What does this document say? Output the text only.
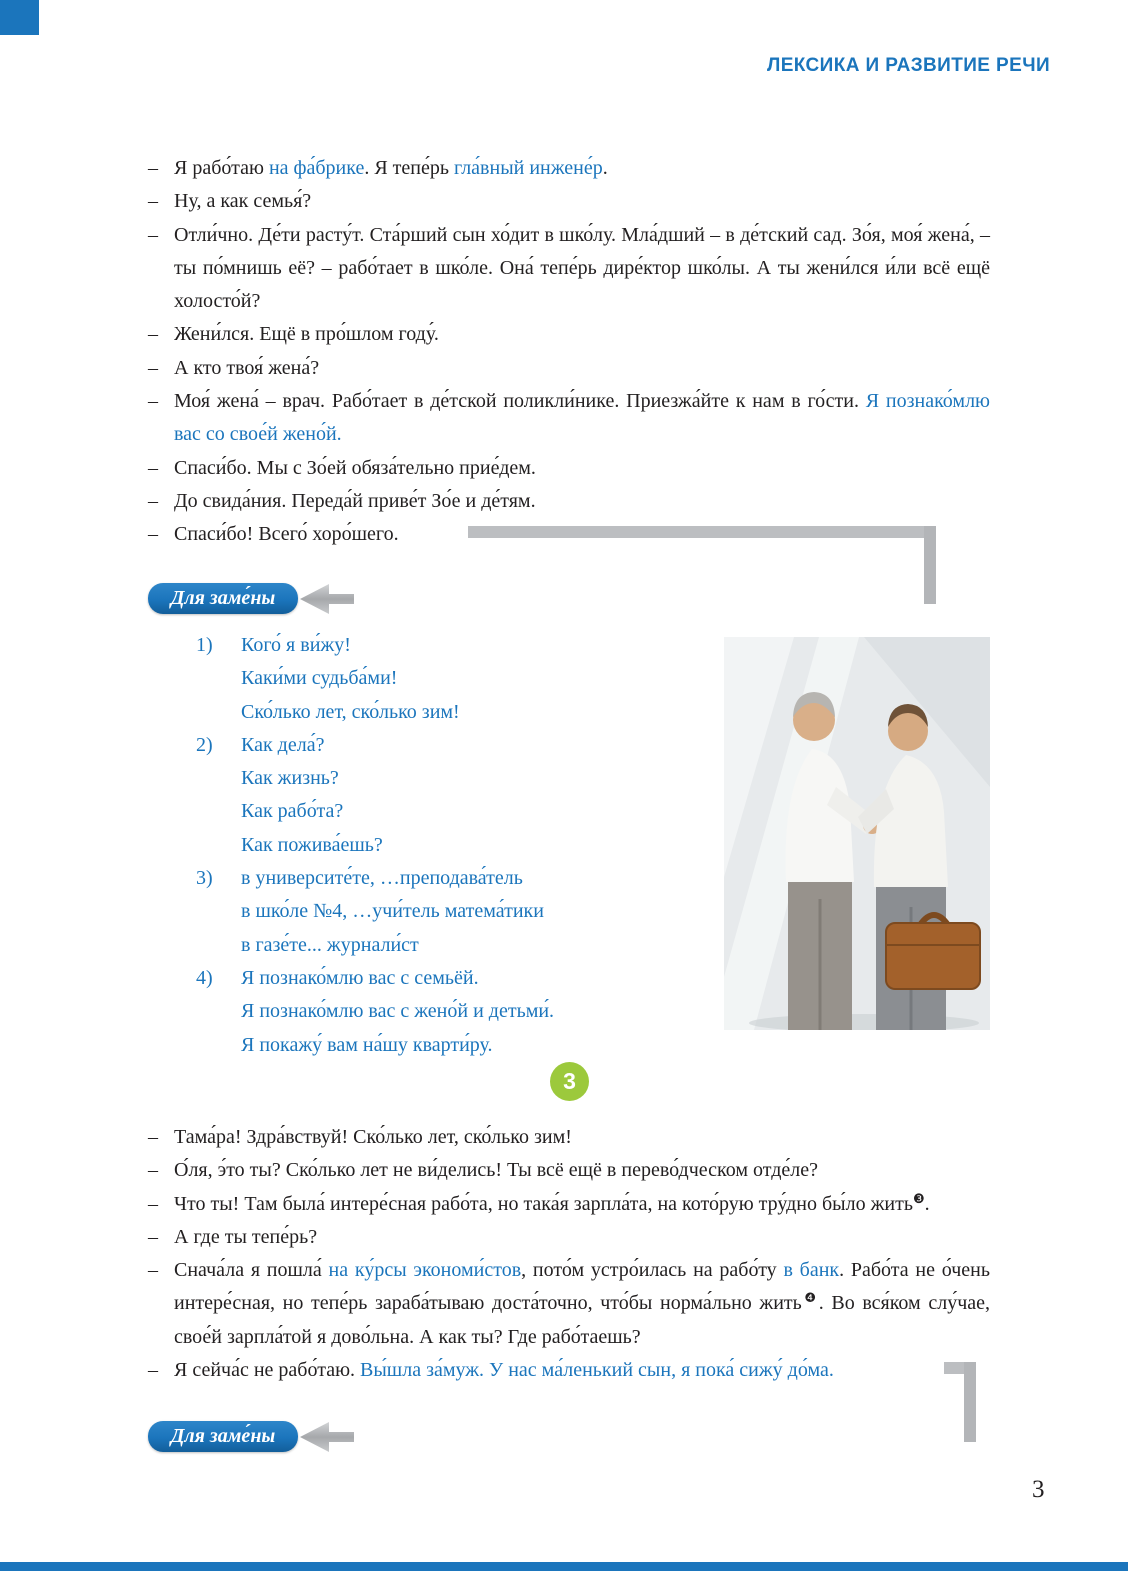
ЛЕКСИКА И РАЗВИТИЕ РЕЧИ
– Я рабо́таю на фа́брике. Я тепе́рь гла́вный инжене́р.
– Ну, а как семья́?
– Отли́чно. Де́ти расту́т. Ста́рший сын хо́дит в шко́лу. Мла́дший – в де́тский сад. Зо́я, моя́ жена́, – ты по́мнишь её? – рабо́тает в шко́ле. Она́ тепе́рь дире́ктор шко́лы. А ты жени́лся и́ли всё ещё холосто́й?
– Жени́лся. Ещё в про́шлом году́.
– А кто твоя́ жена́?
– Моя́ жена́ – врач. Рабо́тает в де́тской поликли́нике. Приезжа́йте к нам в го́сти. Я познако́млю вас со свое́й жено́й.
– Спаси́бо. Мы с Зо́ей обяза́тельно прие́дем.
– До свида́ния. Переда́й приве́т Зо́е и де́тям.
– Спаси́бо! Всего́ хоро́шего.
Для заме́ны
1)	Кого́ я ви́жу!
Каки́ми судьба́ми!
Ско́лько лет, ско́лько зим!
2)	Как дела́?
Как жизнь?
Как рабо́та?
Как пожива́ешь?
3)	в университе́те, …преподава́тель
в шко́ле №4, …учи́тель матема́тики
в газе́те... журнали́ст
4)	Я познако́млю вас с семьёй.
Я познако́млю вас с жено́й и детьми́.
Я покажу́ вам на́шу кварти́ру.
3
– Тама́ра! Здра́вствуй! Ско́лько лет, ско́лько зим!
– О́ля, э́то ты? Ско́лько лет не ви́делись! Ты всё ещё в перево́дческом отде́ле?
– Что ты! Там была́ интере́сная рабо́та, но така́я зарпла́та, на кото́рую тру́дно бы́ло жить$^❸$.
– А где ты тепе́рь?
– Снача́ла я пошла́ на ку́рсы экономи́стов, пото́м устро́илась на рабо́ту в банк. Рабо́та не о́чень интере́сная, но тепе́рь зараба́тываю доста́точно, что́бы норма́льно жить$^❹$. Во вся́ком слу́чае, свое́й зарпла́той я дово́льна. А как ты? Где рабо́таешь?
– Я сейча́с не рабо́таю. Вы́шла за́муж. У нас ма́ленький сын, я пока́ сижу́ до́ма.
Для заме́ны
3
